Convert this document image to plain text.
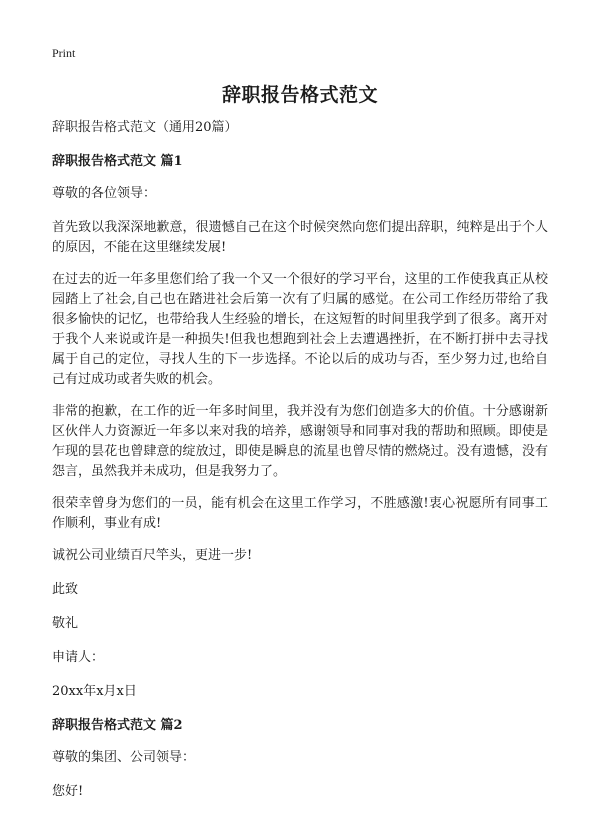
Print
辞职报告格式范文

辞职报告格式范文（通用20篇）

辞职报告格式范文 篇1

尊敬的各位领导：

首先致以我深深地歉意，很遗憾自己在这个时候突然向您们提出辞职，纯粹是出于个人的原因，不能在这里继续发展!

在过去的近一年多里您们给了我一个又一个很好的学习平台，这里的工作使我真正从校园踏上了社会,自己也在踏进社会后第一次有了归属的感觉。在公司工作经历带给了我很多愉快的记忆，也带给我人生经验的增长，在这短暂的时间里我学到了很多。离开对于我个人来说或许是一种损失!但我也想跑到社会上去遭遇挫折，在不断打拼中去寻找属于自己的定位，寻找人生的下一步选择。不论以后的成功与否，至少努力过,也给自己有过成功或者失败的机会。

非常的抱歉，在工作的近一年多时间里，我并没有为您们创造多大的价值。十分感谢新区伙伴人力资源近一年多以来对我的培养，感谢领导和同事对我的帮助和照顾。即使是乍现的昙花也曾肆意的绽放过，即使是瞬息的流星也曾尽情的燃烧过。没有遗憾，没有怨言，虽然我并未成功，但是我努力了。

很荣幸曾身为您们的一员，能有机会在这里工作学习，不胜感激!衷心祝愿所有同事工作顺利，事业有成!

诚祝公司业绩百尺竿头，更进一步!

此致

敬礼

申请人：

20xx年x月x日

辞职报告格式范文 篇2

尊敬的集团、公司领导：

您好!
